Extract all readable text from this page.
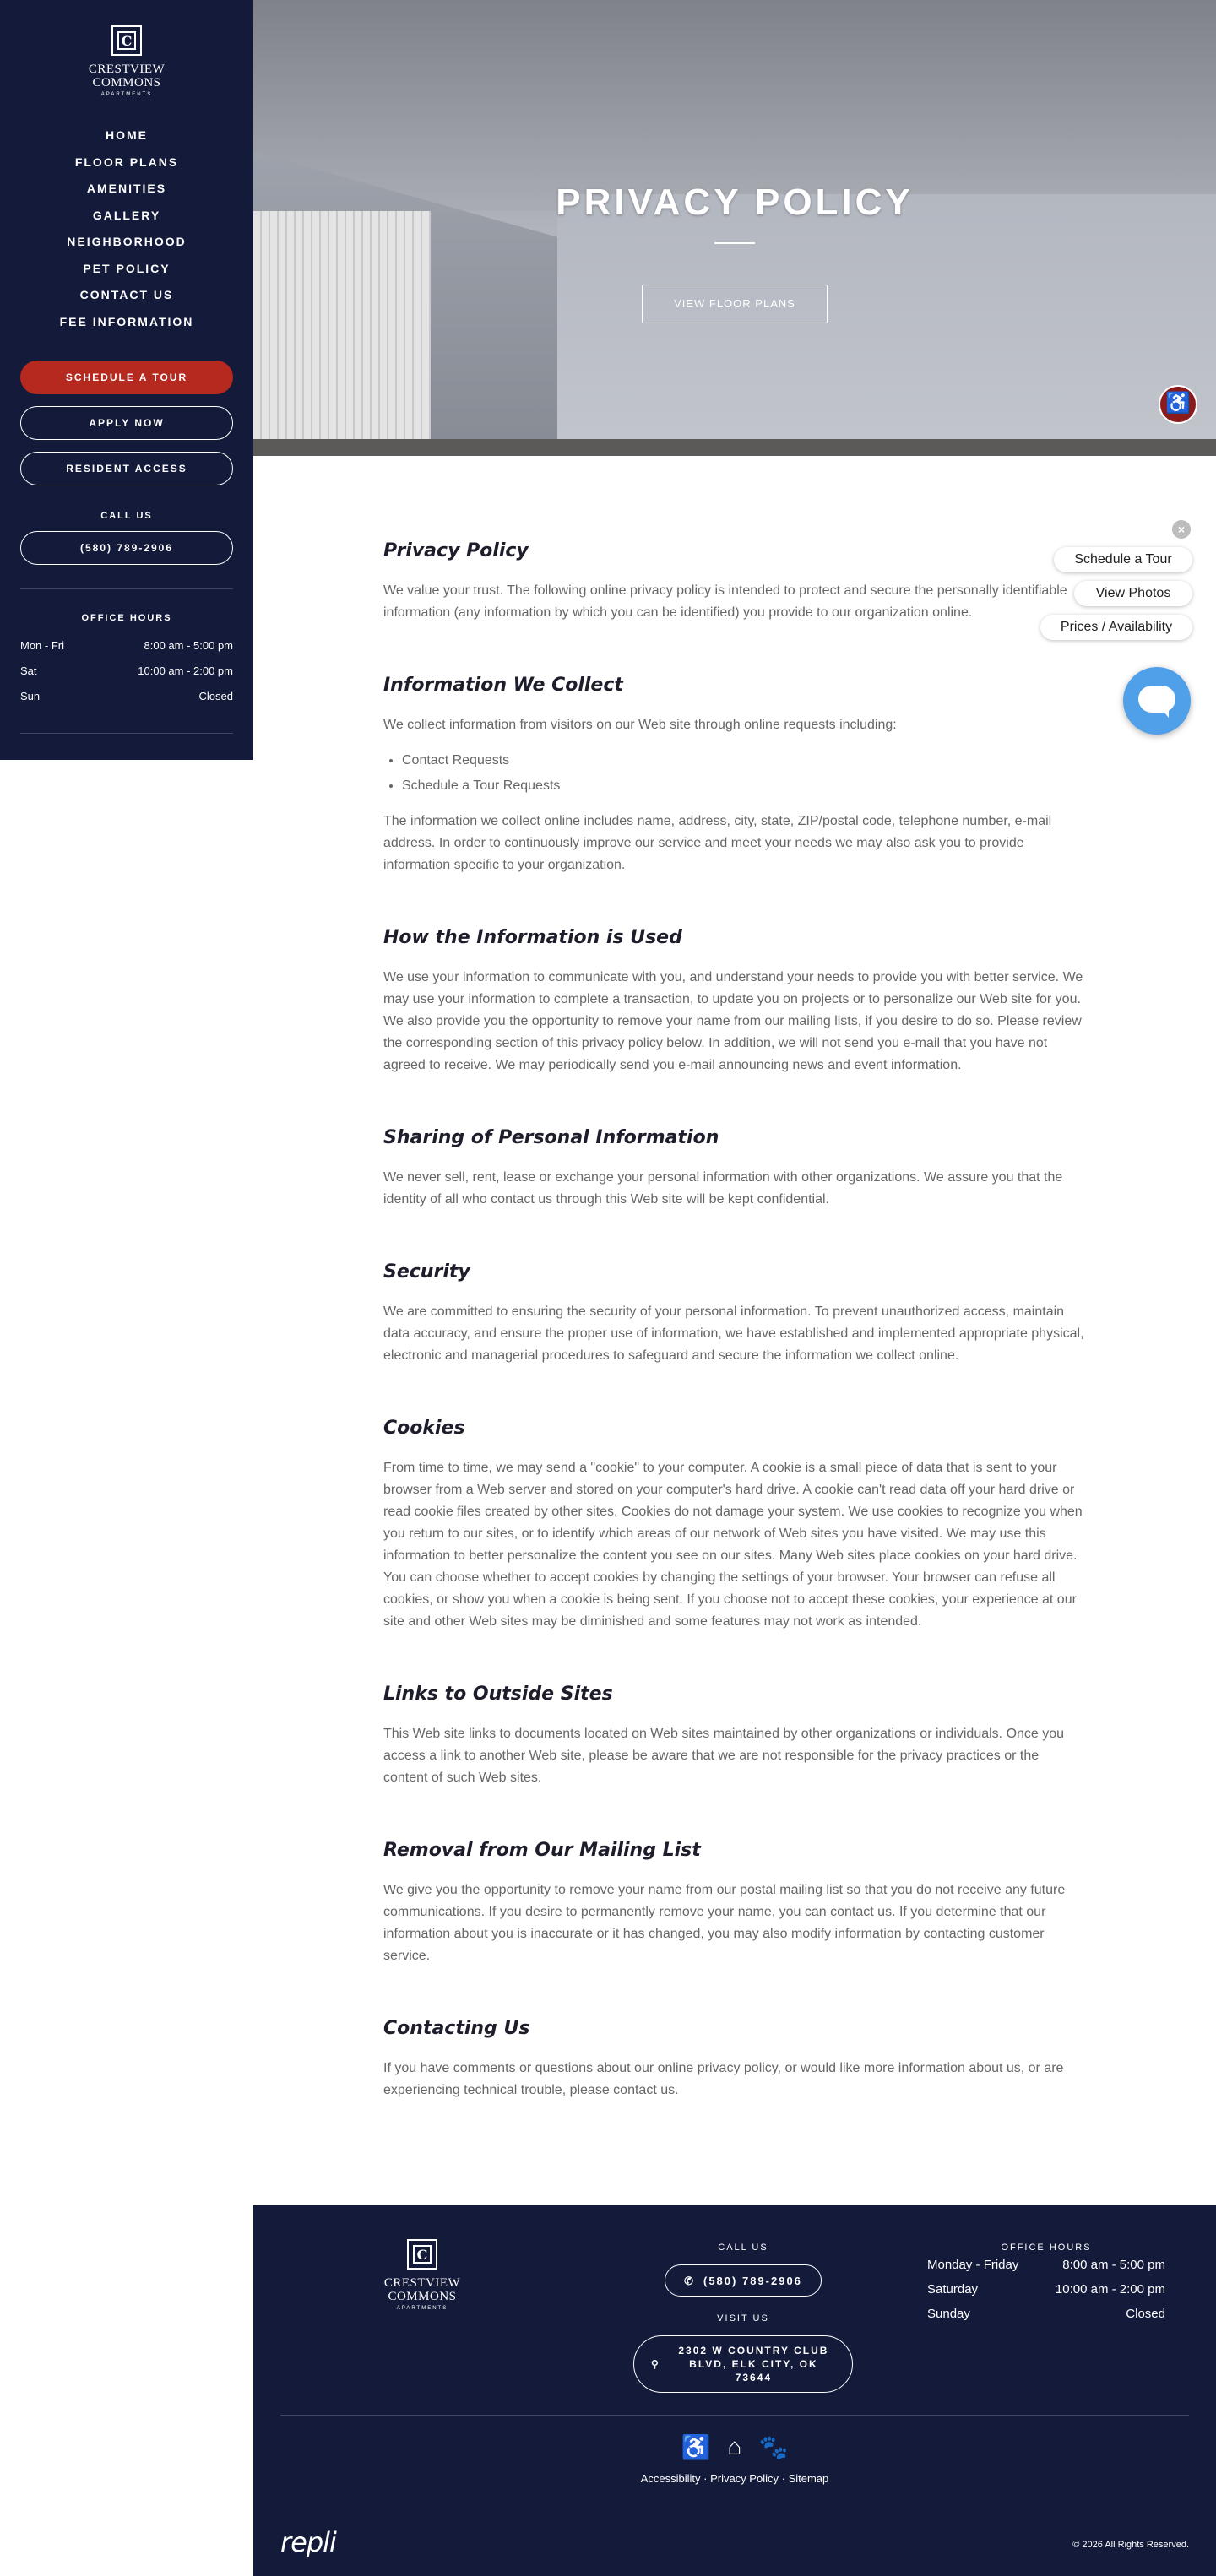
C
CRESTVIEW
COMMONS
APARTMENTS
HOME
FLOOR PLANS
AMENITIES
GALLERY
NEIGHBORHOOD
PET POLICY
CONTACT US
FEE INFORMATION
SCHEDULE A TOUR
APPLY NOW
RESIDENT ACCESS
CALL US
(580) 789-2906
OFFICE HOURS
Mon - Fri	8:00 am - 5:00 pm
Sat	10:00 am - 2:00 pm
Sun	Closed
PRIVACY POLICY
VIEW FLOOR PLANS
♿
×
Schedule a Tour
View Photos
Prices / Availability
Privacy Policy

We value your trust. The following online privacy policy is intended to protect and secure the personally identifiable information (any information by which you can be identified) you provide to our organization online.

Information We Collect

We collect information from visitors on our Web site through online requests including:

• Contact Requests
• Schedule a Tour Requests

The information we collect online includes name, address, city, state, ZIP/postal code, telephone number, e-mail address. In order to continuously improve our service and meet your needs we may also ask you to provide information specific to your organization.

How the Information is Used

We use your information to communicate with you, and understand your needs to provide you with better service. We may use your information to complete a transaction, to update you on projects or to personalize our Web site for you. We also provide you the opportunity to remove your name from our mailing lists, if you desire to do so. Please review the corresponding section of this privacy policy below. In addition, we will not send you e-mail that you have not agreed to receive. We may periodically send you e-mail announcing news and event information.

Sharing of Personal Information

We never sell, rent, lease or exchange your personal information with other organizations. We assure you that the identity of all who contact us through this Web site will be kept confidential.

Security

We are committed to ensuring the security of your personal information. To prevent unauthorized access, maintain data accuracy, and ensure the proper use of information, we have established and implemented appropriate physical, electronic and managerial procedures to safeguard and secure the information we collect online.

Cookies

From time to time, we may send a "cookie" to your computer. A cookie is a small piece of data that is sent to your browser from a Web server and stored on your computer's hard drive. A cookie can't read data off your hard drive or read cookie files created by other sites. Cookies do not damage your system. We use cookies to recognize you when you return to our sites, or to identify which areas of our network of Web sites you have visited. We may use this information to better personalize the content you see on our sites. Many Web sites place cookies on your hard drive. You can choose whether to accept cookies by changing the settings of your browser. Your browser can refuse all cookies, or show you when a cookie is being sent. If you choose not to accept these cookies, your experience at our site and other Web sites may be diminished and some features may not work as intended.

Links to Outside Sites

This Web site links to documents located on Web sites maintained by other organizations or individuals. Once you access a link to another Web site, please be aware that we are not responsible for the privacy practices or the content of such Web sites.

Removal from Our Mailing List

We give you the opportunity to remove your name from our postal mailing list so that you do not receive any future communications. If you desire to permanently remove your name, you can contact us. If you determine that our information about you is inaccurate or it has changed, you may also modify information by contacting customer service.

Contacting Us

If you have comments or questions about our online privacy policy, or would like more information about us, or are experiencing technical trouble, please contact us.

C
CRESTVIEW
COMMONS
APARTMENTS
CALL US
✆ (580) 789-2906
VISIT US
⚲
2302 W COUNTRY CLUB BLVD, ELK CITY, OK 73644
OFFICE HOURS
Monday - Friday	8:00 am - 5:00 pm
Saturday	10:00 am - 2:00 pm
Sunday	Closed
♿ ⌂ 🐾
Accessibility · Privacy Policy · Sitemap
repli	© 2026 All Rights Reserved.
